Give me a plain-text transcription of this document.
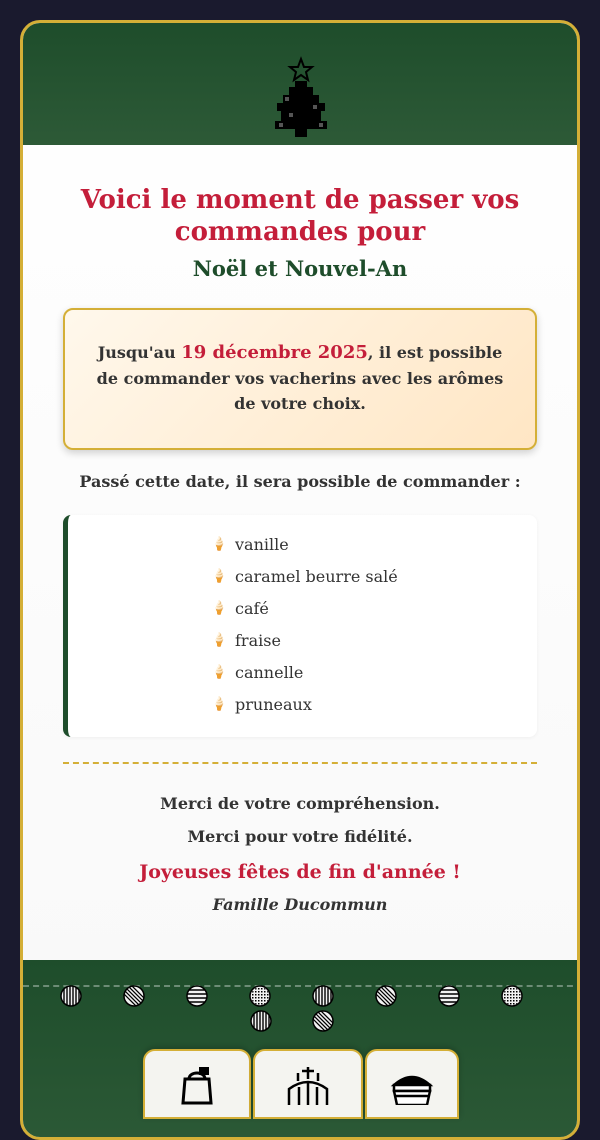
Voici le moment de passer vos commandes pour
Noël et Nouvel-An
Jusqu'au 19 décembre 2025, il est possible de commander vos vacherins avec les arômes de votre choix.

Passé cette date, il sera possible de commander :

🍦 vanille
🍦 caramel beurre salé
🍦 café
🍦 fraise
🍦 cannelle
🍦 pruneaux

Merci de votre compréhension.

Merci pour votre fidélité.

Joyeuses fêtes de fin d'année !

Famille Ducommun
